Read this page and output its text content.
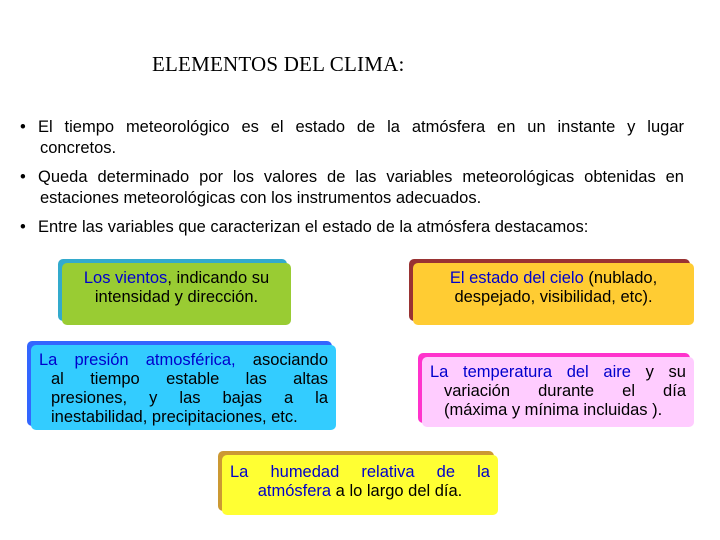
ELEMENTOS DEL CLIMA:
• El tiempo meteorológico es el estado de la atmósfera en un instante y lugar
concretos.
• Queda determinado por los valores de las variables meteorológicas obtenidas en
estaciones meteorológicas con los instrumentos adecuados.
• Entre las variables que caracterizan el estado de la atmósfera destacamos:
Los vientos, indicando su
intensidad y dirección.
El estado del cielo (nublado,
despejado, visibilidad, etc).
La presión atmosférica, asociando
al tiempo estable las altas
presiones, y las bajas a la
inestabilidad, precipitaciones, etc.
La temperatura del aire y su
variación durante el día
(máxima y mínima incluidas ).
La humedad relativa de la
atmósfera a lo largo del día.
